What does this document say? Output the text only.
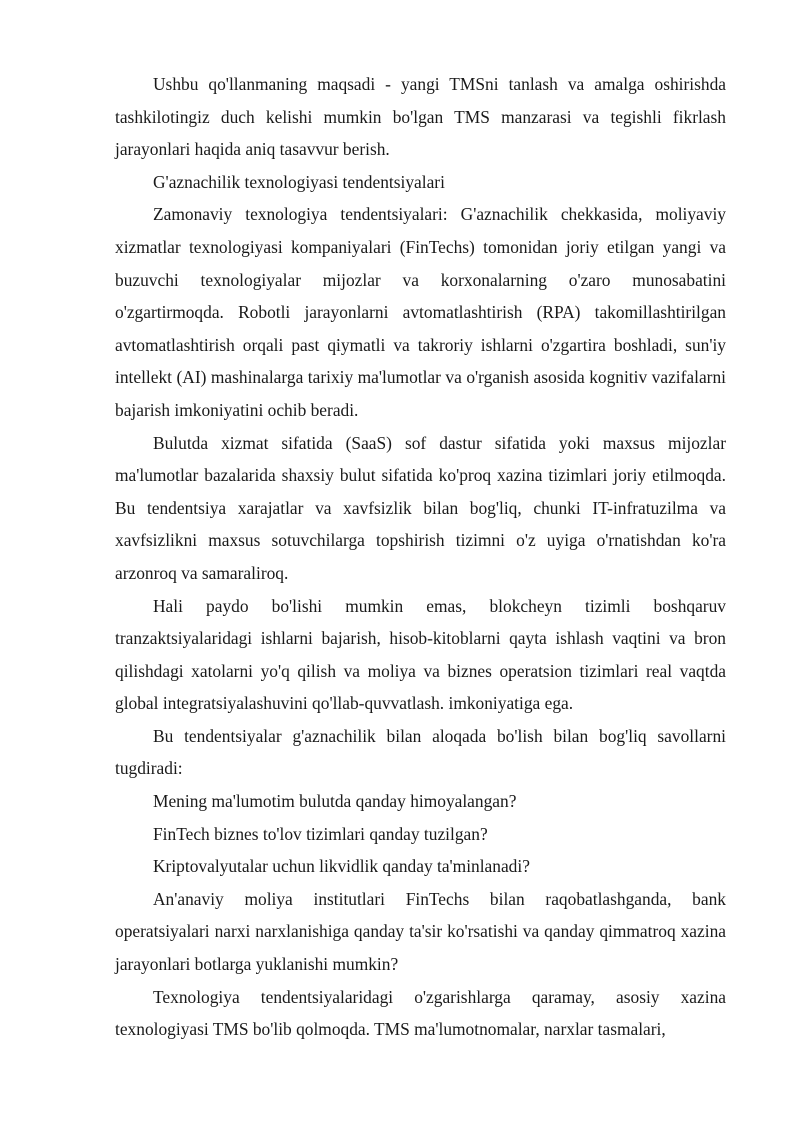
Ushbu qo'llanmaning maqsadi - yangi TMSni tanlash va amalga oshirishda tashkilotingiz duch kelishi mumkin bo'lgan TMS manzarasi va tegishli fikrlash jarayonlari haqida aniq tasavvur berish.

G'aznachilik texnologiyasi tendentsiyalari

Zamonaviy texnologiya tendentsiyalari: G'aznachilik chekkasida, moliyaviy xizmatlar texnologiyasi kompaniyalari (FinTechs) tomonidan joriy etilgan yangi va buzuvchi texnologiyalar mijozlar va korxonalarning o'zaro munosabatini o'zgartirmoqda. Robotli jarayonlarni avtomatlashtirish (RPA) takomillashtirilgan avtomatlashtirish orqali past qiymatli va takroriy ishlarni o'zgartira boshladi, sun'iy intellekt (AI) mashinalarga tarixiy ma'lumotlar va o'rganish asosida kognitiv vazifalarni bajarish imkoniyatini ochib beradi.

Bulutda xizmat sifatida (SaaS) sof dastur sifatida yoki maxsus mijozlar ma'lumotlar bazalarida shaxsiy bulut sifatida ko'proq xazina tizimlari joriy etilmoqda. Bu tendentsiya xarajatlar va xavfsizlik bilan bog'liq, chunki IT-infratuzilma va xavfsizlikni maxsus sotuvchilarga topshirish tizimni o'z uyiga o'rnatishdan ko'ra arzonroq va samaraliroq.

Hali paydo bo'lishi mumkin emas, blokcheyn tizimli boshqaruv tranzaktsiyalaridagi ishlarni bajarish, hisob-kitoblarni qayta ishlash vaqtini va bron qilishdagi xatolarni yo'q qilish va moliya va biznes operatsion tizimlari real vaqtda global integratsiyalashuvini qo'llab-quvvatlash. imkoniyatiga ega.

Bu tendentsiyalar g'aznachilik bilan aloqada bo'lish bilan bog'liq savollarni tugdiradi:

Mening ma'lumotim bulutda qanday himoyalangan?

FinTech biznes to'lov tizimlari qanday tuzilgan?

Kriptovalyutalar uchun likvidlik qanday ta'minlanadi?

An'anaviy moliya institutlari FinTechs bilan raqobatlashganda, bank operatsiyalari narxi narxlanishiga qanday ta'sir ko'rsatishi va qanday qimmatroq xazina jarayonlari botlarga yuklanishi mumkin?

Texnologiya tendentsiyalaridagi o'zgarishlarga qaramay, asosiy xazina texnologiyasi TMS bo'lib qolmoqda. TMS ma'lumotnomalar, narxlar tasmalari,
